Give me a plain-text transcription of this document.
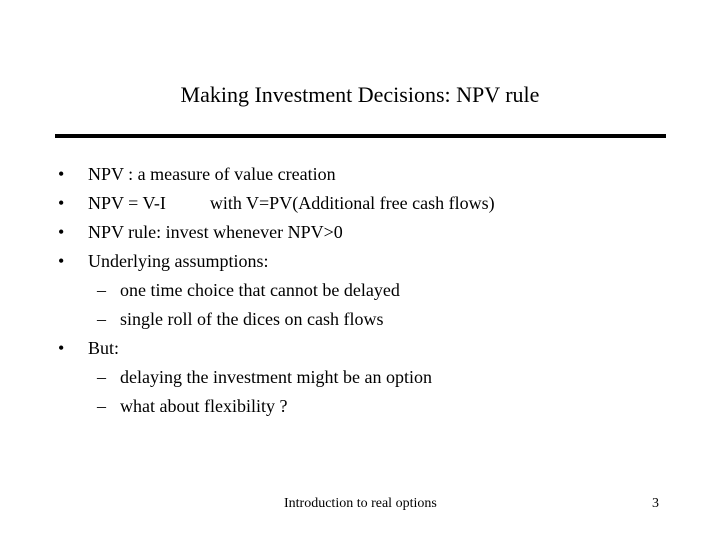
Making Investment Decisions: NPV rule
• NPV : a measure of value creation
• NPV = V-I with V=PV(Additional free cash flows)
• NPV rule: invest whenever NPV>0
• Underlying assumptions:
– one time choice that cannot be delayed
– single roll of the dices on cash flows
• But:
– delaying the investment might be an option
– what about flexibility ?
Introduction to real options	3
